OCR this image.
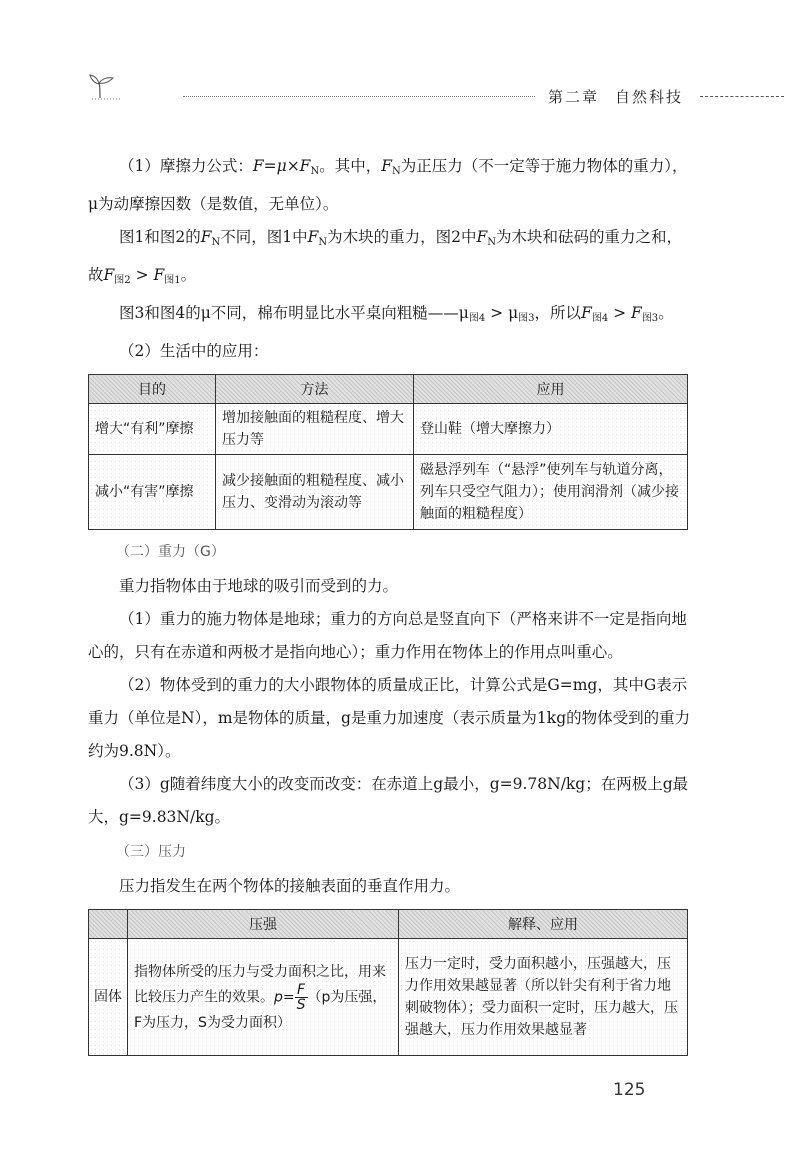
第二章 自然科技

（1）摩擦力公式：$F=\mu\times F_N$。其中，$F_N$为正压力（不一定等于施力物体的重力），μ为动摩擦因数（是数值，无单位）。

图1和图2的$F_N$不同，图1中$F_N$为木块的重力，图2中$F_N$为木块和砝码的重力之和，故$F_{图2} > F_{图1}$。

图3和图4的μ不同，棉布明显比水平桌向粗糙$——\mu_{图4} > \mu_{图3}$，所以$F_{图4} > F_{图3}$。

（2）生活中的应用：

目的	方法	应用
增大“有利”摩擦	增加接触面的粗糙程度、增大压力等	登山鞋（增大摩擦力）
减小“有害”摩擦	减少接触面的粗糙程度、减小压力、变滑动为滚动等	磁悬浮列车（“悬浮”使列车与轨道分离，列车只受空气阻力）；使用润滑剂（减少接触面的粗糙程度）
（二）重力（G）

重力指物体由于地球的吸引而受到的力。

（1）重力的施力物体是地球；重力的方向总是竖直向下（严格来讲不一定是指向地心的，只有在赤道和两极才是指向地心）；重力作用在物体上的作用点叫重心。

（2）物体受到的重力的大小跟物体的质量成正比，计算公式是G=mg，其中G表示重力（单位是N），m是物体的质量，g是重力加速度（表示质量为1kg的物体受到的重力约为9.8N）。

（3）g随着纬度大小的改变而改变：在赤道上g最小，g=9.78N/kg；在两极上g最大，g=9.83N/kg。

（三）压力

压力指发生在两个物体的接触表面的垂直作用力。

	压强	解释、应用
固体	指物体所受的压力与受力面积之比，用来比较压力产生的效果。$p= \frac{F}{S} (p$为压强，F为压力，S为受力面积）	压力一定时，受力面积越小，压强越大，压力作用效果越显著（所以针尖有利于省力地刺破物体）；受力面积一定时，压力越大，压强越大，压力作用效果越显著
125
